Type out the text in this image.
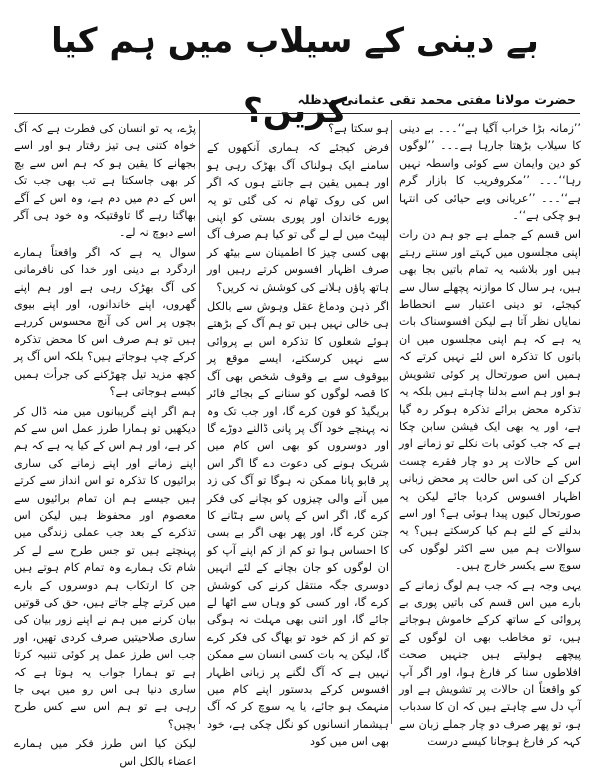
بے دینی کے سیلاب میں ہم کیا کریں؟
حضرت مولانا مفتی محمد تقی عثمانی مدظلہ

’’زمانہ بڑا خراب آگیا ہے‘‘۔۔۔ بے دینی کا سیلاب بڑھتا جارہا ہے۔۔۔ ’’لوگوں کو دین وایمان سے کوئی واسطہ نہیں رہا‘‘۔۔۔ ’’مکروفریب کا بازار گرم ہے‘‘۔۔۔ ’’عریانی وبے حیائی کی انتہا ہو چکی ہے‘‘۔

اس قسم کے جملے ہے جو ہم دن رات اپنی مجلسوں میں کہتے اور سنتے رہتے ہیں اور بلاشبہ یہ تمام باتیں بجا بھی ہیں، ہر سال کا موازنہ پچھلے سال سے کیجئے، تو دینی اعتبار سے انحطاط نمایاں نظر آتا ہے لیکن افسوسناک بات یہ ہے کہ ہم اپنی مجلسوں میں ان باتوں کا تذکرہ اس لئے نہیں کرتے کہ ہمیں اس صورتحال پر کوئی تشویش ہو اور ہم اسے بدلنا چاہتے ہیں بلکہ یہ تذکرہ محض برائے تذکرہ ہوکر رہ گیا ہے، اور یہ بھی ایک فیشن سابن چکا ہے کہ جب کوئی بات نکلے تو زمانے اور اس کے حالات پر دو چار فقرے چست کرکے ان کی اس حالت پر محض زبانی اظہار افسوس کردیا جائے لیکن یہ صورتحال کیوں پیدا ہوئی ہے؟ اور اسے بدلنے کے لئے ہم کیا کرسکتے ہیں؟ یہ سوالات ہم میں سے اکثر لوگوں کی سوچ سے یکسر خارج ہیں۔

یہی وجہ ہے کہ جب ہم لوگ زمانے کے بارے میں اس قسم کی باتیں پوری بے پروائی کے ساتھ کرکے خاموش ہوجاتے ہیں، تو مخاطب بھی ان لوگوں کے پیچھے ہولیتے ہیں جنہیں صحت افلاطوں سنا کر فارغ ہوا، اور اگر آپ کو واقعتاً ان حالات پر تشویش ہے اور آپ دل سے چاہتے ہیں کہ ان کا سدباب ہو، تو پھر صرف دو چار جملے زبان سے کہہ کر فارغ ہوجانا کیسے درست

ہو سکتا ہے؟

فرض کیجئے کہ ہماری آنکھوں کے سامنے ایک ہولناک آگ بھڑک رہی ہو اور ہمیں یقین ہے جانتے ہوں کہ اگر اس کی روک تھام نہ کی گئی تو یہ پورے خاندان اور پوری بستی کو اپنی لپیٹ میں لے لے گی تو کیا ہم صرف آگ بھی کسی چیز کا اطمینان سے بیٹھ کر صرف اظہار افسوس کرتے رہیں اور ہاتھ پاؤں ہلانے کی کوشش نہ کریں؟

اگر ذہن ودماغ عقل وہوش سے بالکل ہی خالی نہیں ہیں تو ہم آگ کے بڑھتے ہوئے شعلوں کا تذکرہ اس بے پروائی سے نہیں کرسکتے، ایسے موقع پر بیوقوف سے بے وقوف شخص بھی آگ کا قصہ لوگوں کو سنانے کے بجائے فائر بریگیڈ کو فون کرے گا، اور جب تک وہ نہ پہنچے خود آگ پر پانی ڈالنے دوڑے گا اور دوسروں کو بھی اس کام میں شریک ہونے کی دعوت دے گا اگر اس پر قابو پانا ممکن نہ ہوگا تو آگ کی زد میں آنے والی چیزوں کو بچانے کی فکر کرے گا، اگر اس کے پاس سے ہٹانے کا جتن کرے گا، اور پھر بھی اگر بے بسی کا احساس ہوا تو کم از کم اپنے آپ کو ان لوگوں کو جان بچانے کے لئے انہیں دوسری جگہ منتقل کرنے کی کوشش کرے گا، اور کسی کو وہاں سے اٹھا لے جائے گا، اور اتنی بھی مہلت نہ ہوگی تو کم از کم خود تو بھاگ کی فکر کرے گا، لیکن یہ بات کسی انسان سے ممکن نہیں ہے کہ آگ لگنے پر زبانی اظہار افسوس کرکے بدستور اپنے کام میں منہمک ہو جائے، یا یہ سوچ کر کہ آگ ہیشمار انسانوں کو نگل چکی ہے، خود بھی اس میں کود

پڑے، یہ تو انسان کی فطرت ہے کہ آگ خواہ کتنی ہی تیز رفتار ہو اور اسے بجھانے کا یقین ہو کہ ہم اس سے بچ کر بھی جاسکتا ہے تب بھی جب تک اس کے دم میں دم ہے، وہ اس کے آگے بھاگتا رہے گا تاوقتیکہ وہ خود ہی آگر اسے دبوچ نہ لے۔

سوال یہ ہے کہ اگر واقعتاً ہمارے اردگرد بے دینی اور خدا کی نافرمانی کی آگ بھڑک رہی ہے اور ہم اپنے گھروں، اپنے خاندانوں، اور اپنے بیوی بچوں پر اس کی آنچ محسوس کررہے ہیں تو ہم صرف اس کا محض تذکرہ کرکے چپ ہوجاتے ہیں؟ بلکہ اس آگ پر کچھ مزید تیل چھڑکنے کی جرأت ہمیں کیسے ہوجاتی ہے؟

ہم اگر اپنے گریبانوں میں منہ ڈال کر دیکھیں تو ہمارا طرز عمل اس سے کم کر ہے، اور ہم اس کے کیا یہ ہے کہ ہم اپنے زمانے اور اپنے زمانے کی ساری برائیوں کا تذکرہ تو اس انداز سے کرتے ہیں جیسے ہم ان تمام برائیوں سے معصوم اور محفوظ ہیں لیکن اس تذکرے کے بعد جب عملی زندگی میں پہنچتے ہیں تو جس طرح سے لے کر شام تک ہمارے وہ تمام کام ہوتے ہیں جن کا ارتکاب ہم دوسروں کے بارے میں کرتے چلے جاتے ہیں، حق کی قوتیں بیان کرنے میں ہم نے اپنے زور بیان کی ساری صلاحیتیں صرف کردی تھیں، اور جب اس طرز عمل پر کوئی تنبیہ کرتا ہے تو ہمارا جواب یہ ہوتا ہے کہ ساری دنیا ہی اس رو میں بہی جا رہی ہے تو ہم اس سے کس طرح بچیں؟

لیکن کیا اس طرز فکر میں ہمارے اعضاء بالکل اس
